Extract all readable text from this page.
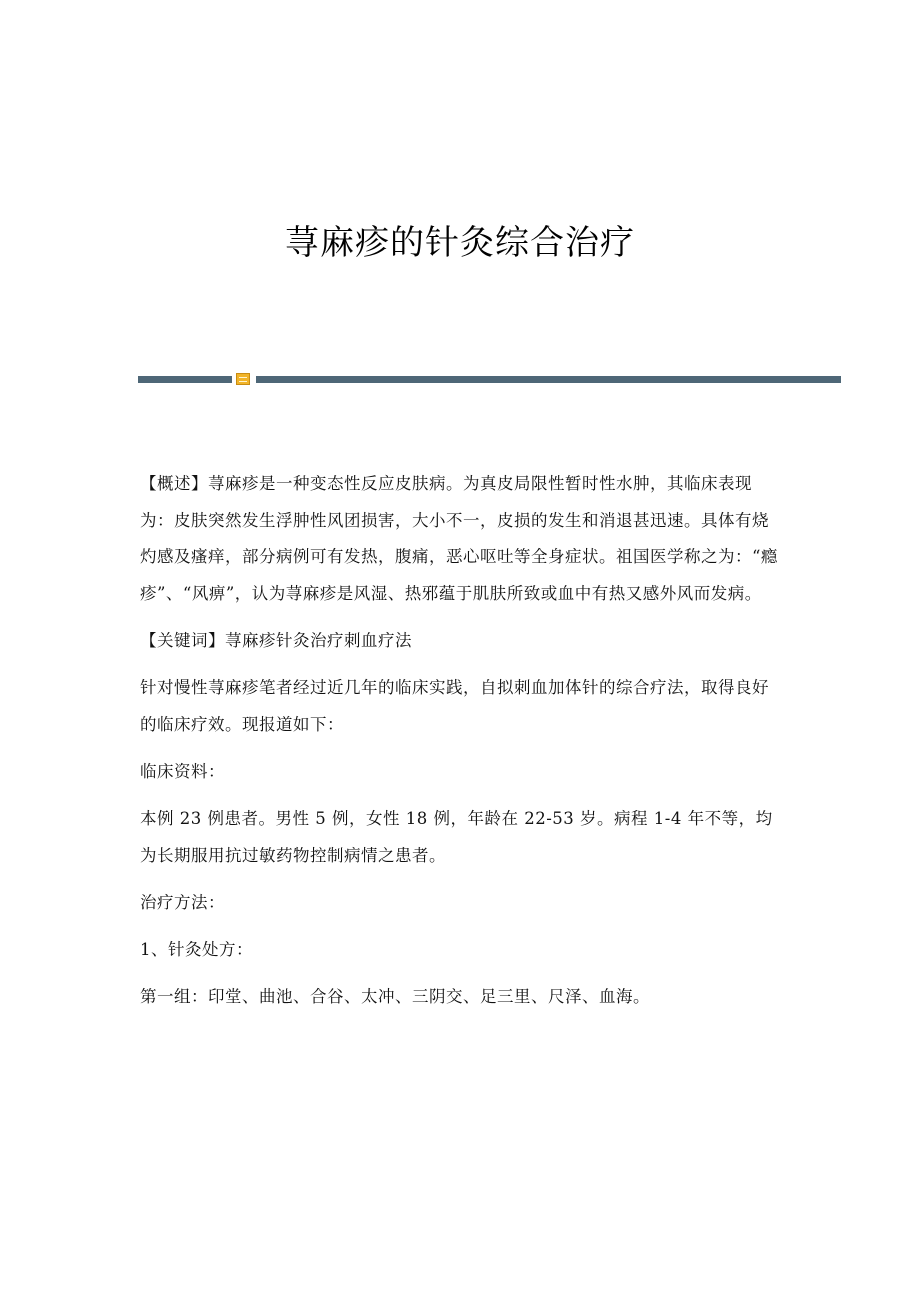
荨麻疹的针灸综合治疗

【概述】荨麻疹是一种变态性反应皮肤病。为真皮局限性暂时性水肿，其临床表现为：皮肤突然发生浮肿性风团损害，大小不一，皮损的发生和消退甚迅速。具体有烧灼感及瘙痒，部分病例可有发热，腹痛，恶心呕吐等全身症状。祖国医学称之为：“瘾疹”、“风痹”，认为荨麻疹是风湿、热邪蕴于肌肤所致或血中有热又感外风而发病。

【关键词】荨麻疹针灸治疗刺血疗法

针对慢性荨麻疹笔者经过近几年的临床实践，自拟刺血加体针的综合疗法，取得良好的临床疗效。现报道如下：

临床资料：

本例 23 例患者。男性 5 例，女性 18 例，年龄在 22-53 岁。病程 1-4 年不等，均为长期服用抗过敏药物控制病情之患者。

治疗方法：

1、针灸处方：

第一组：印堂、曲池、合谷、太冲、三阴交、足三里、尺泽、血海。
